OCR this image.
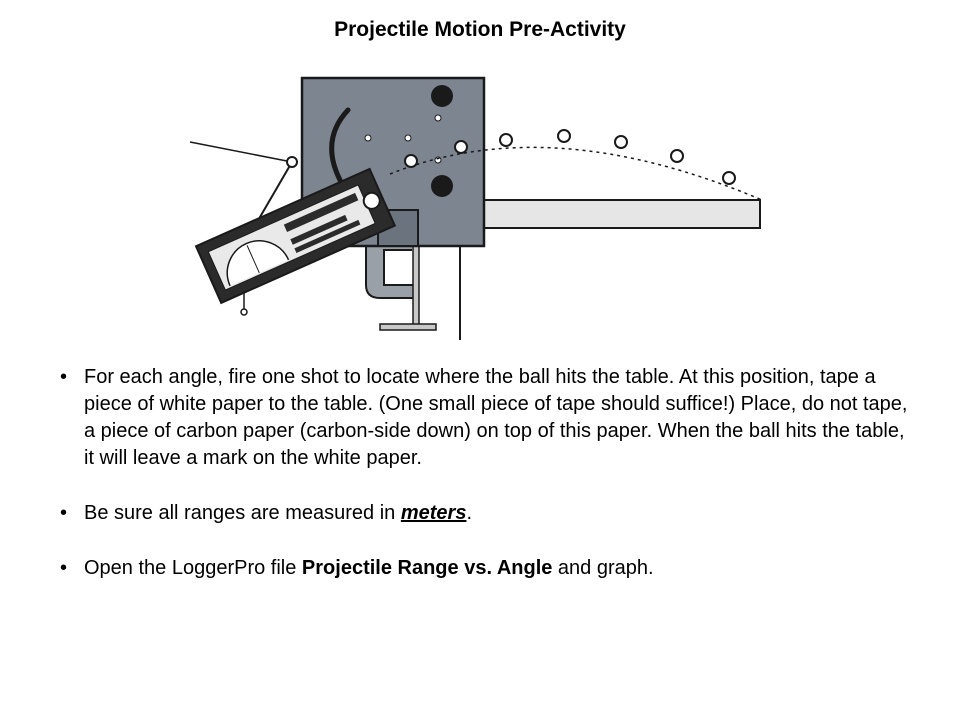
Projectile Motion Pre-Activity
• For each angle, fire one shot to locate where the ball hits the table. At this position, tape a piece of white paper to the table. (One small piece of tape should suffice!) Place, do not tape, a piece of carbon paper (carbon-side down) on top of this paper. When the ball hits the table, it will leave a mark on the white paper.
• Be sure all ranges are measured in meters.
• Open the LoggerPro file Projectile Range vs. Angle and graph.
